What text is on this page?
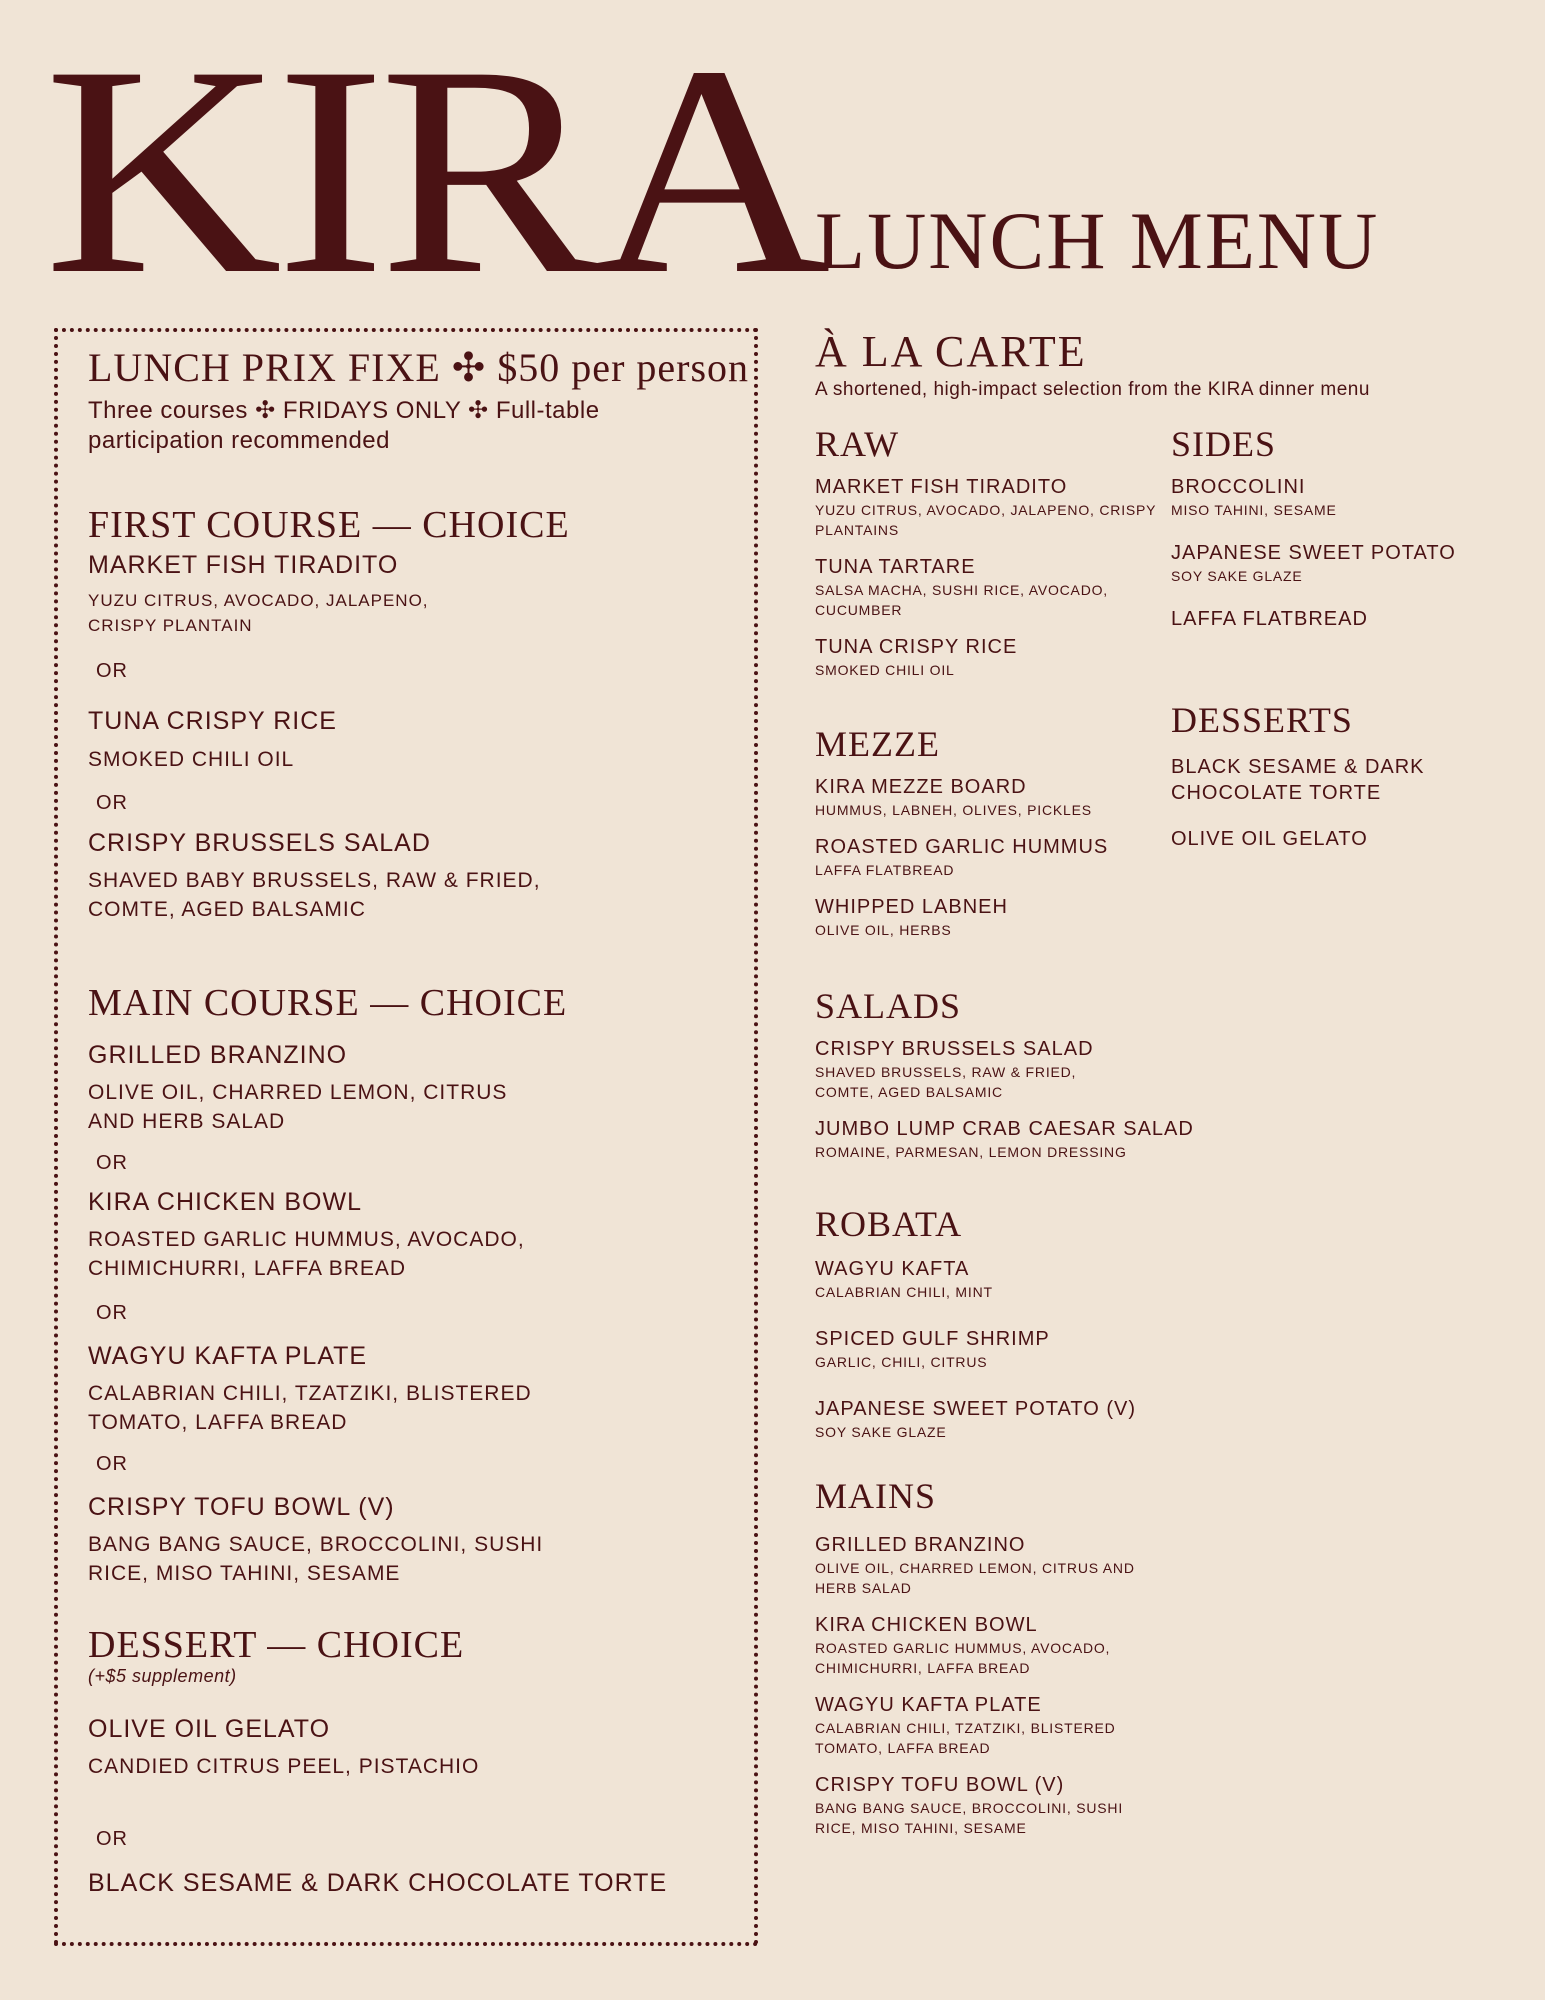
KIRA
LUNCH MENU
LUNCH PRIX FIXE ✣ $50 per person
Three courses ✣ FRIDAYS ONLY ✣ Full-table participation recommended
FIRST COURSE — CHOICE
MARKET FISH TIRADITO
YUZU CITRUS, AVOCADO, JALAPENO, CRISPY PLANTAIN
OR
TUNA CRISPY RICE
SMOKED CHILI OIL
OR
CRISPY BRUSSELS SALAD
SHAVED BABY BRUSSELS, RAW & FRIED, COMTE, AGED BALSAMIC
MAIN COURSE — CHOICE
GRILLED BRANZINO
OLIVE OIL, CHARRED LEMON, CITRUS AND HERB SALAD
OR
KIRA CHICKEN BOWL
ROASTED GARLIC HUMMUS, AVOCADO, CHIMICHURRI, LAFFA BREAD
OR
WAGYU KAFTA PLATE
CALABRIAN CHILI, TZATZIKI, BLISTERED TOMATO, LAFFA BREAD
OR
CRISPY TOFU BOWL (V)
BANG BANG SAUCE, BROCCOLINI, SUSHI RICE, MISO TAHINI, SESAME
DESSERT — CHOICE
(+$5 supplement)
OLIVE OIL GELATO
CANDIED CITRUS PEEL, PISTACHIO
OR
BLACK SESAME & DARK CHOCOLATE TORTE
À LA CARTE
A shortened, high-impact selection from the KIRA dinner menu
RAW
MARKET FISH TIRADITO
YUZU CITRUS, AVOCADO, JALAPENO, CRISPY PLANTAINS
TUNA TARTARE
SALSA MACHA, SUSHI RICE, AVOCADO, CUCUMBER
TUNA CRISPY RICE
SMOKED CHILI OIL
MEZZE
KIRA MEZZE BOARD
HUMMUS, LABNEH, OLIVES, PICKLES
ROASTED GARLIC HUMMUS
LAFFA FLATBREAD
WHIPPED LABNEH
OLIVE OIL, HERBS
SALADS
CRISPY BRUSSELS SALAD
SHAVED BRUSSELS, RAW & FRIED, COMTE, AGED BALSAMIC
JUMBO LUMP CRAB CAESAR SALAD
ROMAINE, PARMESAN, LEMON DRESSING
ROBATA
WAGYU KAFTA
CALABRIAN CHILI, MINT
SPICED GULF SHRIMP
GARLIC, CHILI, CITRUS
JAPANESE SWEET POTATO (V)
SOY SAKE GLAZE
MAINS
GRILLED BRANZINO
OLIVE OIL, CHARRED LEMON, CITRUS AND HERB SALAD
KIRA CHICKEN BOWL
ROASTED GARLIC HUMMUS, AVOCADO, CHIMICHURRI, LAFFA BREAD
WAGYU KAFTA PLATE
CALABRIAN CHILI, TZATZIKI, BLISTERED TOMATO, LAFFA BREAD
CRISPY TOFU BOWL (V)
BANG BANG SAUCE, BROCCOLINI, SUSHI RICE, MISO TAHINI, SESAME
SIDES
BROCCOLINI
MISO TAHINI, SESAME
JAPANESE SWEET POTATO
SOY SAKE GLAZE
LAFFA FLATBREAD
DESSERTS
BLACK SESAME & DARK CHOCOLATE TORTE
OLIVE OIL GELATO
